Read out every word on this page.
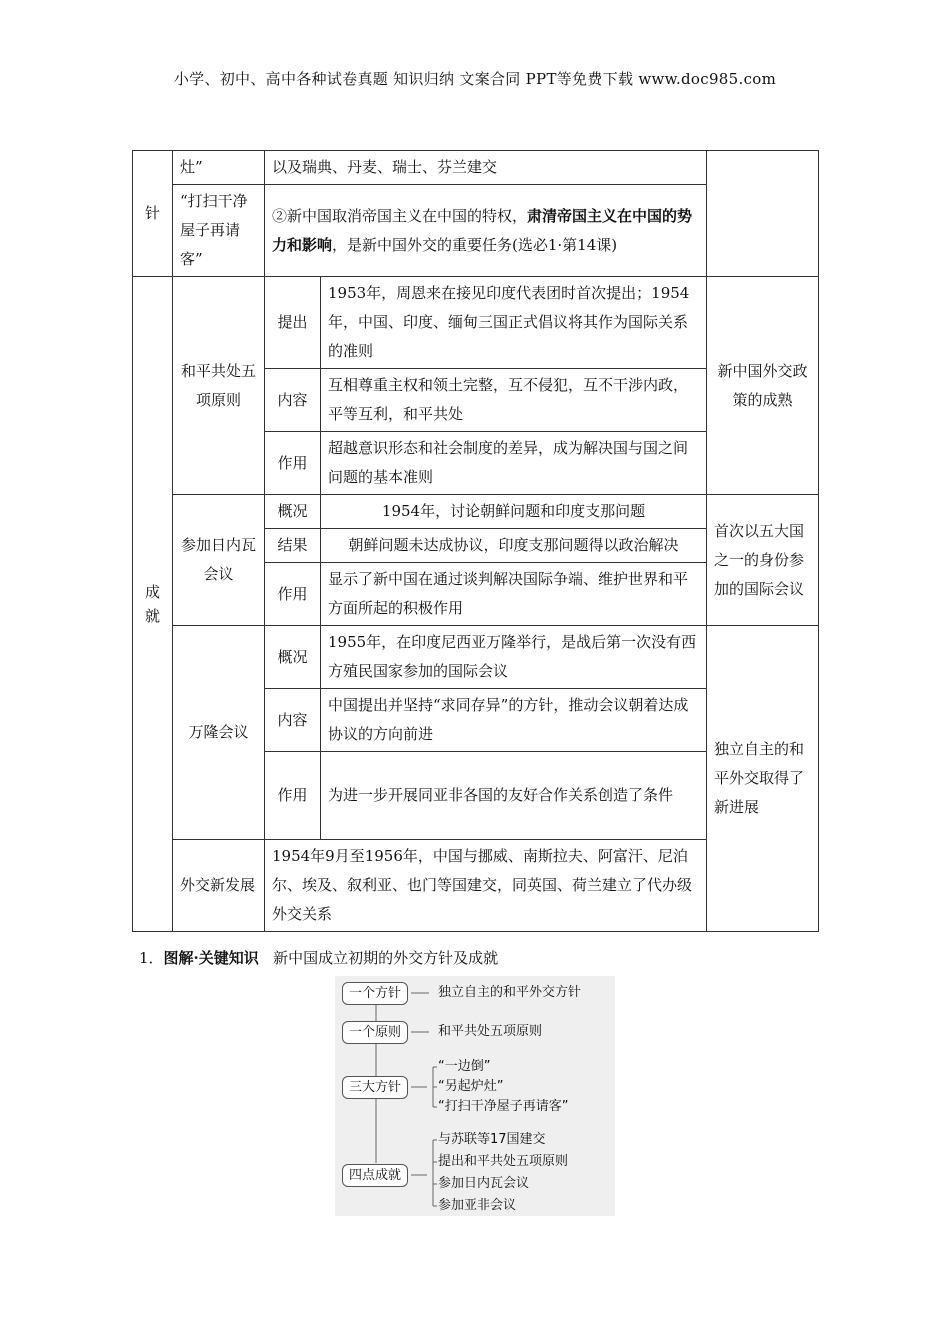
小学、初中、高中各种试卷真题 知识归纳 文案合同 PPT等免费下载 www.doc985.com
针	灶”	以及瑞典、丹麦、瑞士、芬兰建交		
	“打扫干净屋子再请客”	②新中国取消帝国主义在中国的特权，肃清帝国主义在中国的势力和影响，是新中国外交的重要任务(选必1·第14课)		
成就	和平共处五项原则	提出	1953年，周恩来在接见印度代表团时首次提出；1954年，中国、印度、缅甸三国正式倡议将其作为国际关系的准则	新中国外交政策的成熟
		内容	互相尊重主权和领土完整，互不侵犯，互不干涉内政，平等互利，和平共处	
		作用	超越意识形态和社会制度的差异，成为解决国与国之间问题的基本准则	
	参加日内瓦会议	概况	1954年，讨论朝鲜问题和印度支那问题	首次以五大国之一的身份参加的国际会议
		结果	朝鲜问题未达成协议，印度支那问题得以政治解决	
		作用	显示了新中国在通过谈判解决国际争端、维护世界和平方面所起的积极作用	
	万隆会议	概况	1955年，在印度尼西亚万隆举行，是战后第一次没有西方殖民国家参加的国际会议	独立自主的和平外交取得了新进展
		内容	中国提出并坚持“求同存异”的方针，推动会议朝着达成协议的方向前进	
		作用	为进一步开展同亚非各国的友好合作关系创造了条件	
	外交新发展	1954年9月至1956年，中国与挪威、南斯拉夫、阿富汗、尼泊尔、埃及、叙利亚、也门等国建交，同英国、荷兰建立了代办级外交关系		
1．图解·关键知识 新中国成立初期的外交方针及成就
一个方针	独立自主的和平外交方针
一个原则	和平共处五项原则
三大方针
“一边倒”
“另起炉灶”
“打扫干净屋子再请客”
四点成就
与苏联等17国建交
提出和平共处五项原则
参加日内瓦会议
参加亚非会议
